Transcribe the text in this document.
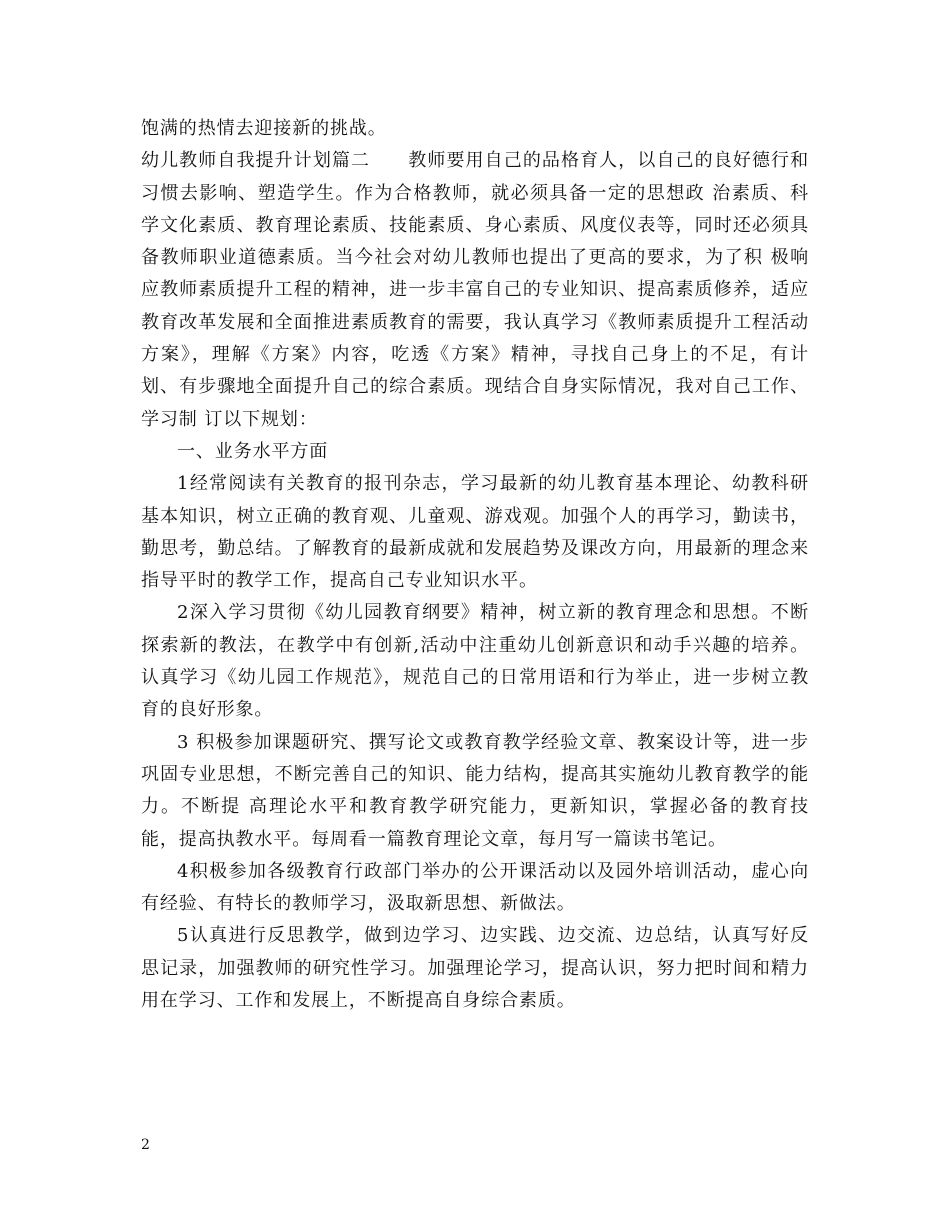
饱满的热情去迎接新的挑战。

幼儿教师自我提升计划篇二　　教师要用自己的品格育人，以自己的良好德行和习惯去影响、塑造学生。作为合格教师，就必须具备一定的思想政 治素质、科学文化素质、教育理论素质、技能素质、身心素质、风度仪表等，同时还必须具备教师职业道德素质。当今社会对幼儿教师也提出了更高的要求，为了积 极响应教师素质提升工程的精神，进一步丰富自己的专业知识、提高素质修养，适应教育改革发展和全面推进素质教育的需要，我认真学习《教师素质提升工程活动 方案》，理解《方案》内容，吃透《方案》精神，寻找自己身上的不足，有计划、有步骤地全面提升自己的综合素质。现结合自身实际情况，我对自己工作、学习制 订以下规划：

一、业务水平方面

1经常阅读有关教育的报刊杂志，学习最新的幼儿教育基本理论、幼教科研基本知识，树立正确的教育观、儿童观、游戏观。加强个人的再学习，勤读书，勤思考，勤总结。了解教育的最新成就和发展趋势及课改方向，用最新的理念来指导平时的教学工作，提高自己专业知识水平。

2深入学习贯彻《幼儿园教育纲要》精神，树立新的教育理念和思想。不断探索新的教法，在教学中有创新,活动中注重幼儿创新意识和动手兴趣的培养。认真学习《幼儿园工作规范》，规范自己的日常用语和行为举止，进一步树立教育的良好形象。

3 积极参加课题研究、撰写论文或教育教学经验文章、教案设计等，进一步巩固专业思想，不断完善自己的知识、能力结构，提高其实施幼儿教育教学的能力。不断提 高理论水平和教育教学研究能力，更新知识，掌握必备的教育技能，提高执教水平。每周看一篇教育理论文章，每月写一篇读书笔记。

4积极参加各级教育行政部门举办的公开课活动以及园外培训活动，虚心向有经验、有特长的教师学习，汲取新思想、新做法。

5认真进行反思教学，做到边学习、边实践、边交流、边总结，认真写好反思记录，加强教师的研究性学习。加强理论学习，提高认识，努力把时间和精力用在学习、工作和发展上，不断提高自身综合素质。

2
